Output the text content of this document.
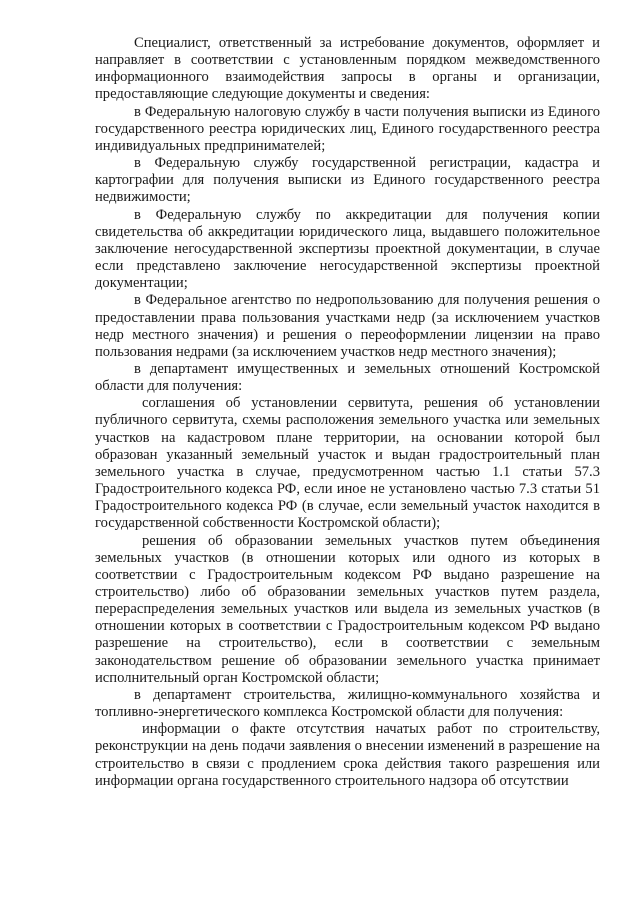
Специалист, ответственный за истребование документов, оформляет и направляет в соответствии с установленным порядком межведомственного информационного взаимодействия запросы в органы и организации, предоставляющие следующие документы и сведения:

в Федеральную налоговую службу в части получения выписки из Единого государственного реестра юридических лиц, Единого государственного реестра индивидуальных предпринимателей;

в Федеральную службу государственной регистрации, кадастра и картографии для получения выписки из Единого государственного реестра недвижимости;

в Федеральную службу по аккредитации для получения копии свидетельства об аккредитации юридического лица, выдавшего положительное заключение негосударственной экспертизы проектной документации, в случае если представлено заключение негосударственной экспертизы проектной документации;

в Федеральное агентство по недропользованию для получения решения о предоставлении права пользования участками недр (за исключением участков недр местного значения) и решения о переоформлении лицензии на право пользования недрами (за исключением участков недр местного значения);

в департамент имущественных и земельных отношений Костромской области для получения:

соглашения об установлении сервитута, решения об установлении публичного сервитута, схемы расположения земельного участка или земельных участков на кадастровом плане территории, на основании которой был образован указанный земельный участок и выдан градостроительный план земельного участка в случае, предусмотренном частью 1.1 статьи 57.3 Градостроительного кодекса РФ, если иное не установлено частью 7.3 статьи 51 Градостроительного кодекса РФ (в случае, если земельный участок находится в государственной собственности Костромской области);

решения об образовании земельных участков путем объединения земельных участков (в отношении которых или одного из которых в соответствии с Градостроительным кодексом РФ выдано разрешение на строительство) либо об образовании земельных участков путем раздела, перераспределения земельных участков или выдела из земельных участков (в отношении которых в соответствии с Градостроительным кодексом РФ выдано разрешение на строительство), если в соответствии с земельным законодательством решение об образовании земельного участка принимает исполнительный орган Костромской области;

в департамент строительства, жилищно-коммунального хозяйства и топливно-энергетического комплекса Костромской области для получения:

информации о факте отсутствия начатых работ по строительству, реконструкции на день подачи заявления о внесении изменений в разрешение на строительство в связи с продлением срока действия такого разрешения или информации органа государственного строительного надзора об отсутствии
